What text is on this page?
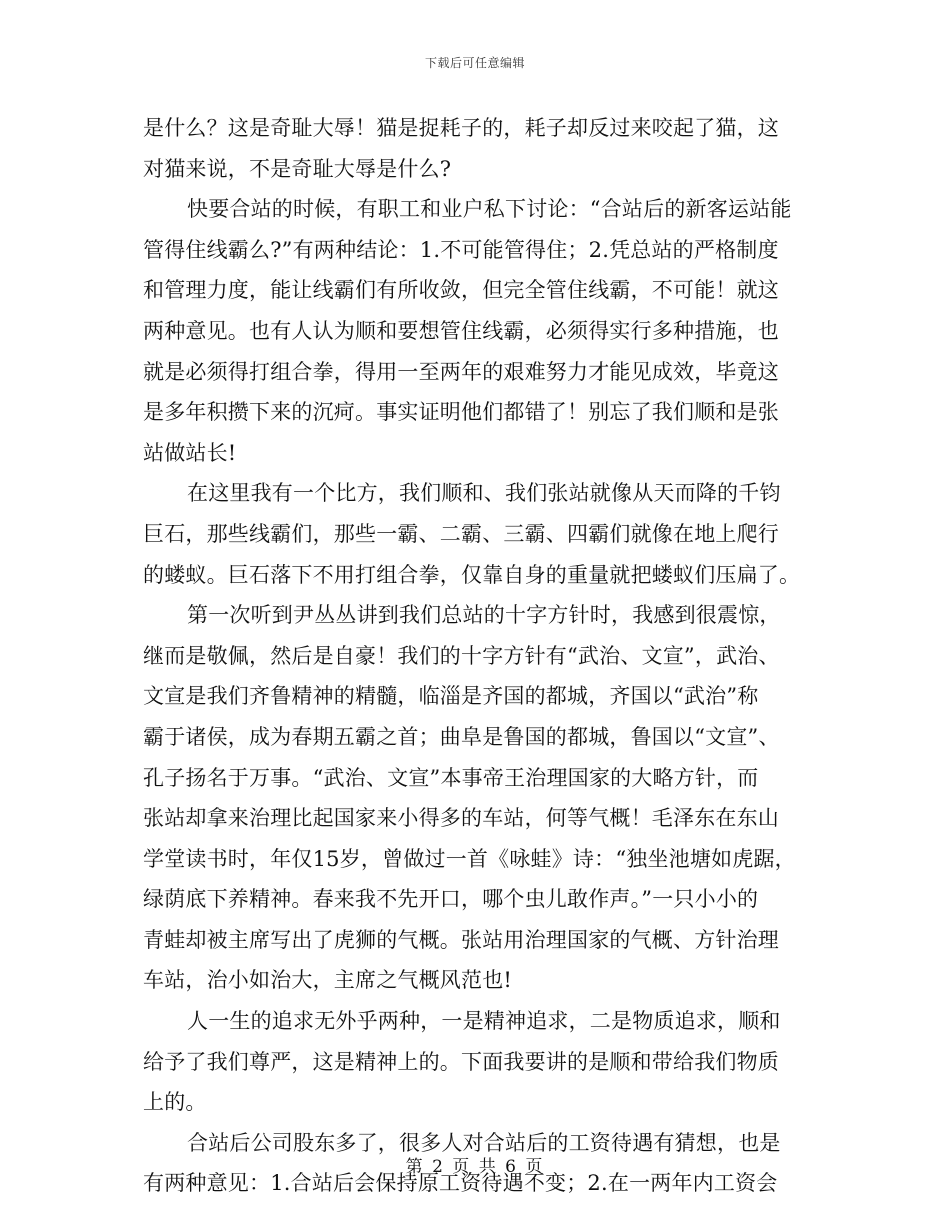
下载后可任意编辑
是什么？这是奇耻大辱！猫是捉耗子的，耗子却反过来咬起了猫，这
对猫来说，不是奇耻大辱是什么?
快要合站的时候，有职工和业户私下讨论：“合站后的新客运站能
管得住线霸么?”有两种结论：1.不可能管得住；2.凭总站的严格制度
和管理力度，能让线霸们有所收敛，但完全管住线霸，不可能！就这
两种意见。也有人认为顺和要想管住线霸，必须得实行多种措施，也
就是必须得打组合拳，得用一至两年的艰难努力才能见成效，毕竟这
是多年积攒下来的沉疴。事实证明他们都错了！别忘了我们顺和是张
站做站长!
在这里我有一个比方，我们顺和、我们张站就像从天而降的千钧
巨石，那些线霸们，那些一霸、二霸、三霸、四霸们就像在地上爬行
的蝼蚁。巨石落下不用打组合拳，仅靠自身的重量就把蝼蚁们压扁了。
第一次听到尹丛丛讲到我们总站的十字方针时，我感到很震惊，
继而是敬佩，然后是自豪！我们的十字方针有“武治、文宣”，武治、
文宣是我们齐鲁精神的精髓，临淄是齐国的都城，齐国以“武治”称
霸于诸侯，成为春期五霸之首；曲阜是鲁国的都城，鲁国以“文宣”、
孔子扬名于万事。“武治、文宣”本事帝王治理国家的大略方针，而
张站却拿来治理比起国家来小得多的车站，何等气概！毛泽东在东山
学堂读书时，年仅15岁，曾做过一首《咏蛙》诗：“独坐池塘如虎踞，
绿荫底下养精神。春来我不先开口，哪个虫儿敢作声。”一只小小的
青蛙却被主席写出了虎狮的气概。张站用治理国家的气概、方针治理
车站，治小如治大，主席之气概风范也!
人一生的追求无外乎两种，一是精神追求，二是物质追求，顺和
给予了我们尊严，这是精神上的。下面我要讲的是顺和带给我们物质
上的。
合站后公司股东多了，很多人对合站后的工资待遇有猜想，也是
有两种意见：1.合站后会保持原工资待遇不变；2.在一两年内工资会
第 2 页 共 6 页
